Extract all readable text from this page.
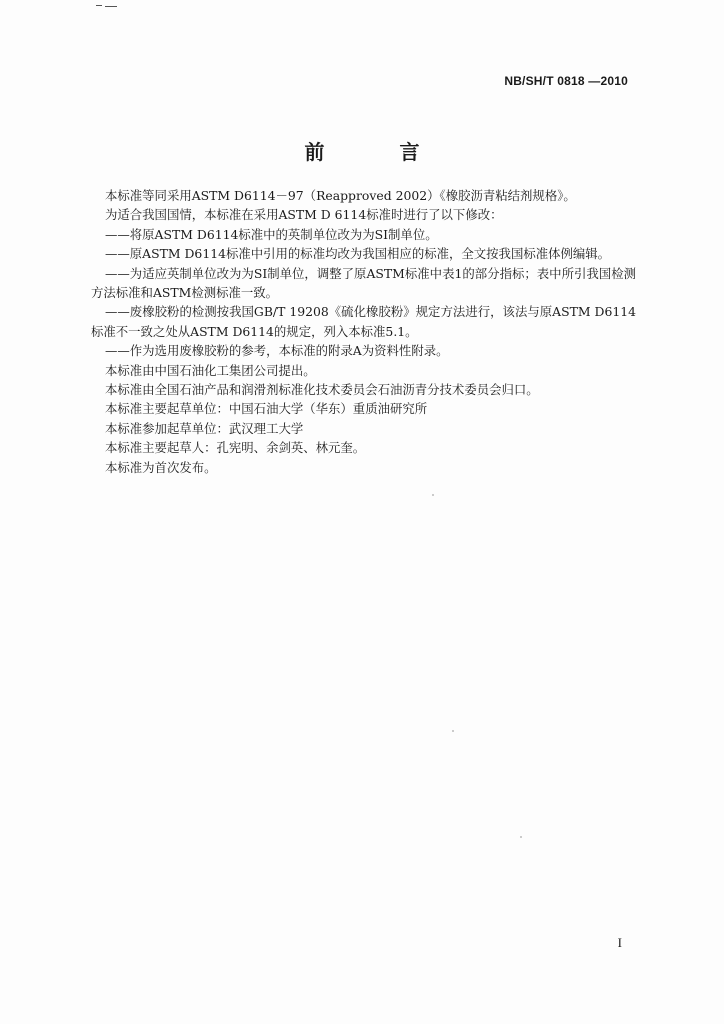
NB/SH/T 0818 —2010
前 言

本标准等同采用ASTM D6114－97（Reapproved 2002）《橡胶沥青粘结剂规格》。

为适合我国国情，本标准在采用ASTM D 6114标准时进行了以下修改：

——将原ASTM D6114标准中的英制单位改为为SI制单位。

——原ASTM D6114标准中引用的标准均改为我国相应的标准，全文按我国标准体例编辑。

——为适应英制单位改为为SI制单位，调整了原ASTM标准中表1的部分指标；表中所引我国检测方法标准和ASTM检测标准一致。

——废橡胶粉的检测按我国GB/T 19208《硫化橡胶粉》规定方法进行，该法与原ASTM D6114标准不一致之处从ASTM D6114的规定，列入本标准5.1。

——作为选用废橡胶粉的参考，本标准的附录A为资料性附录。

本标准由中国石油化工集团公司提出。

本标准由全国石油产品和润滑剂标准化技术委员会石油沥青分技术委员会归口。

本标准主要起草单位：中国石油大学（华东）重质油研究所

本标准参加起草单位：武汉理工大学

本标准主要起草人：孔宪明、余剑英、林元奎。

本标准为首次发布。

I
